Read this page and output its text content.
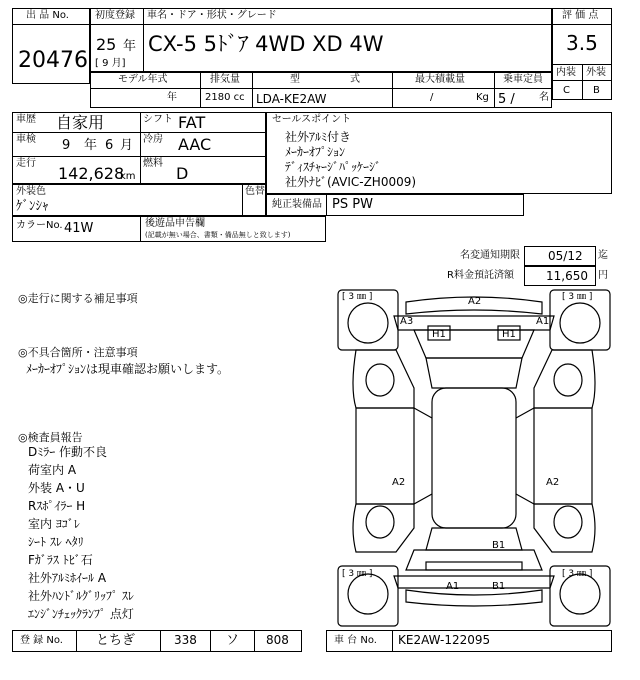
出 品 No.
20476
初度登録 車名・ドア・形状・グレード
25 年
[ 9 月]
CX-5 5ﾄﾞｱ 4WD XD 4W
評 価 点
3.5
内装 外装
C B
モデル年式
年
排気量
2180 cc
型	式
LDA-KE2AW
最大積載量
/	Kg
乗車定員
5 / 名
車歴 自家用	シフト FAT
車検 9 年 6 月 冷房 AAC
走行
142,628
km
燃料
D
外装色
ｹﾞﾝｼｬ
色替
カラーNo. 41W	後遊品申告欄
(記載が無い場合、書類・備品無しと致します)
セールスポイント
社外ｱﾙﾐ付き
ﾒｰｶｰｵﾌﾟｼｮﾝ
ﾃﾞｨｽﾁｬｰｼﾞﾊﾟｯｹｰｼﾞ
社外ﾅﾋﾞ(AVIC-ZH0009)
純正装備品 PS PW
名変通知期限 05/12 迄
R料金預託済額	11,650 円
◎走行に関する補足事項
◎不具合箇所・注意事項
ﾒｰｶｰｵﾌﾟｼｮﾝは現車確認お願いします。
◎検査員報告
Dﾐﾗｰ 作動不良
荷室内 A
外装 A・U
Rｽﾎﾟｲﾗｰ H
室内 ﾖｺﾞﾚ
ｼｰﾄ ｽﾚ ﾍﾀﾘ
Fｶﾞﾗｽ ﾄﾋﾞ石
社外ｱﾙﾐﾎｲｰﾙ A
社外ﾊﾝﾄﾞﾙｸﾞﾘｯﾌﾟ ｽﾚ
ｴﾝｼﾞﾝﾁｪｯｸﾗﾝﾌﾟ 点灯
[ 3 ㎜ ]	[ 3 ㎜ ]
[ 3 ㎜ ]	[ 3 ㎜ ]
A2
A3	A1
H1	H1
A2	A2
B1
A1	B1
登 録 No.	とちぎ	338 ソ 808	車 台 No. KE2AW-122095
